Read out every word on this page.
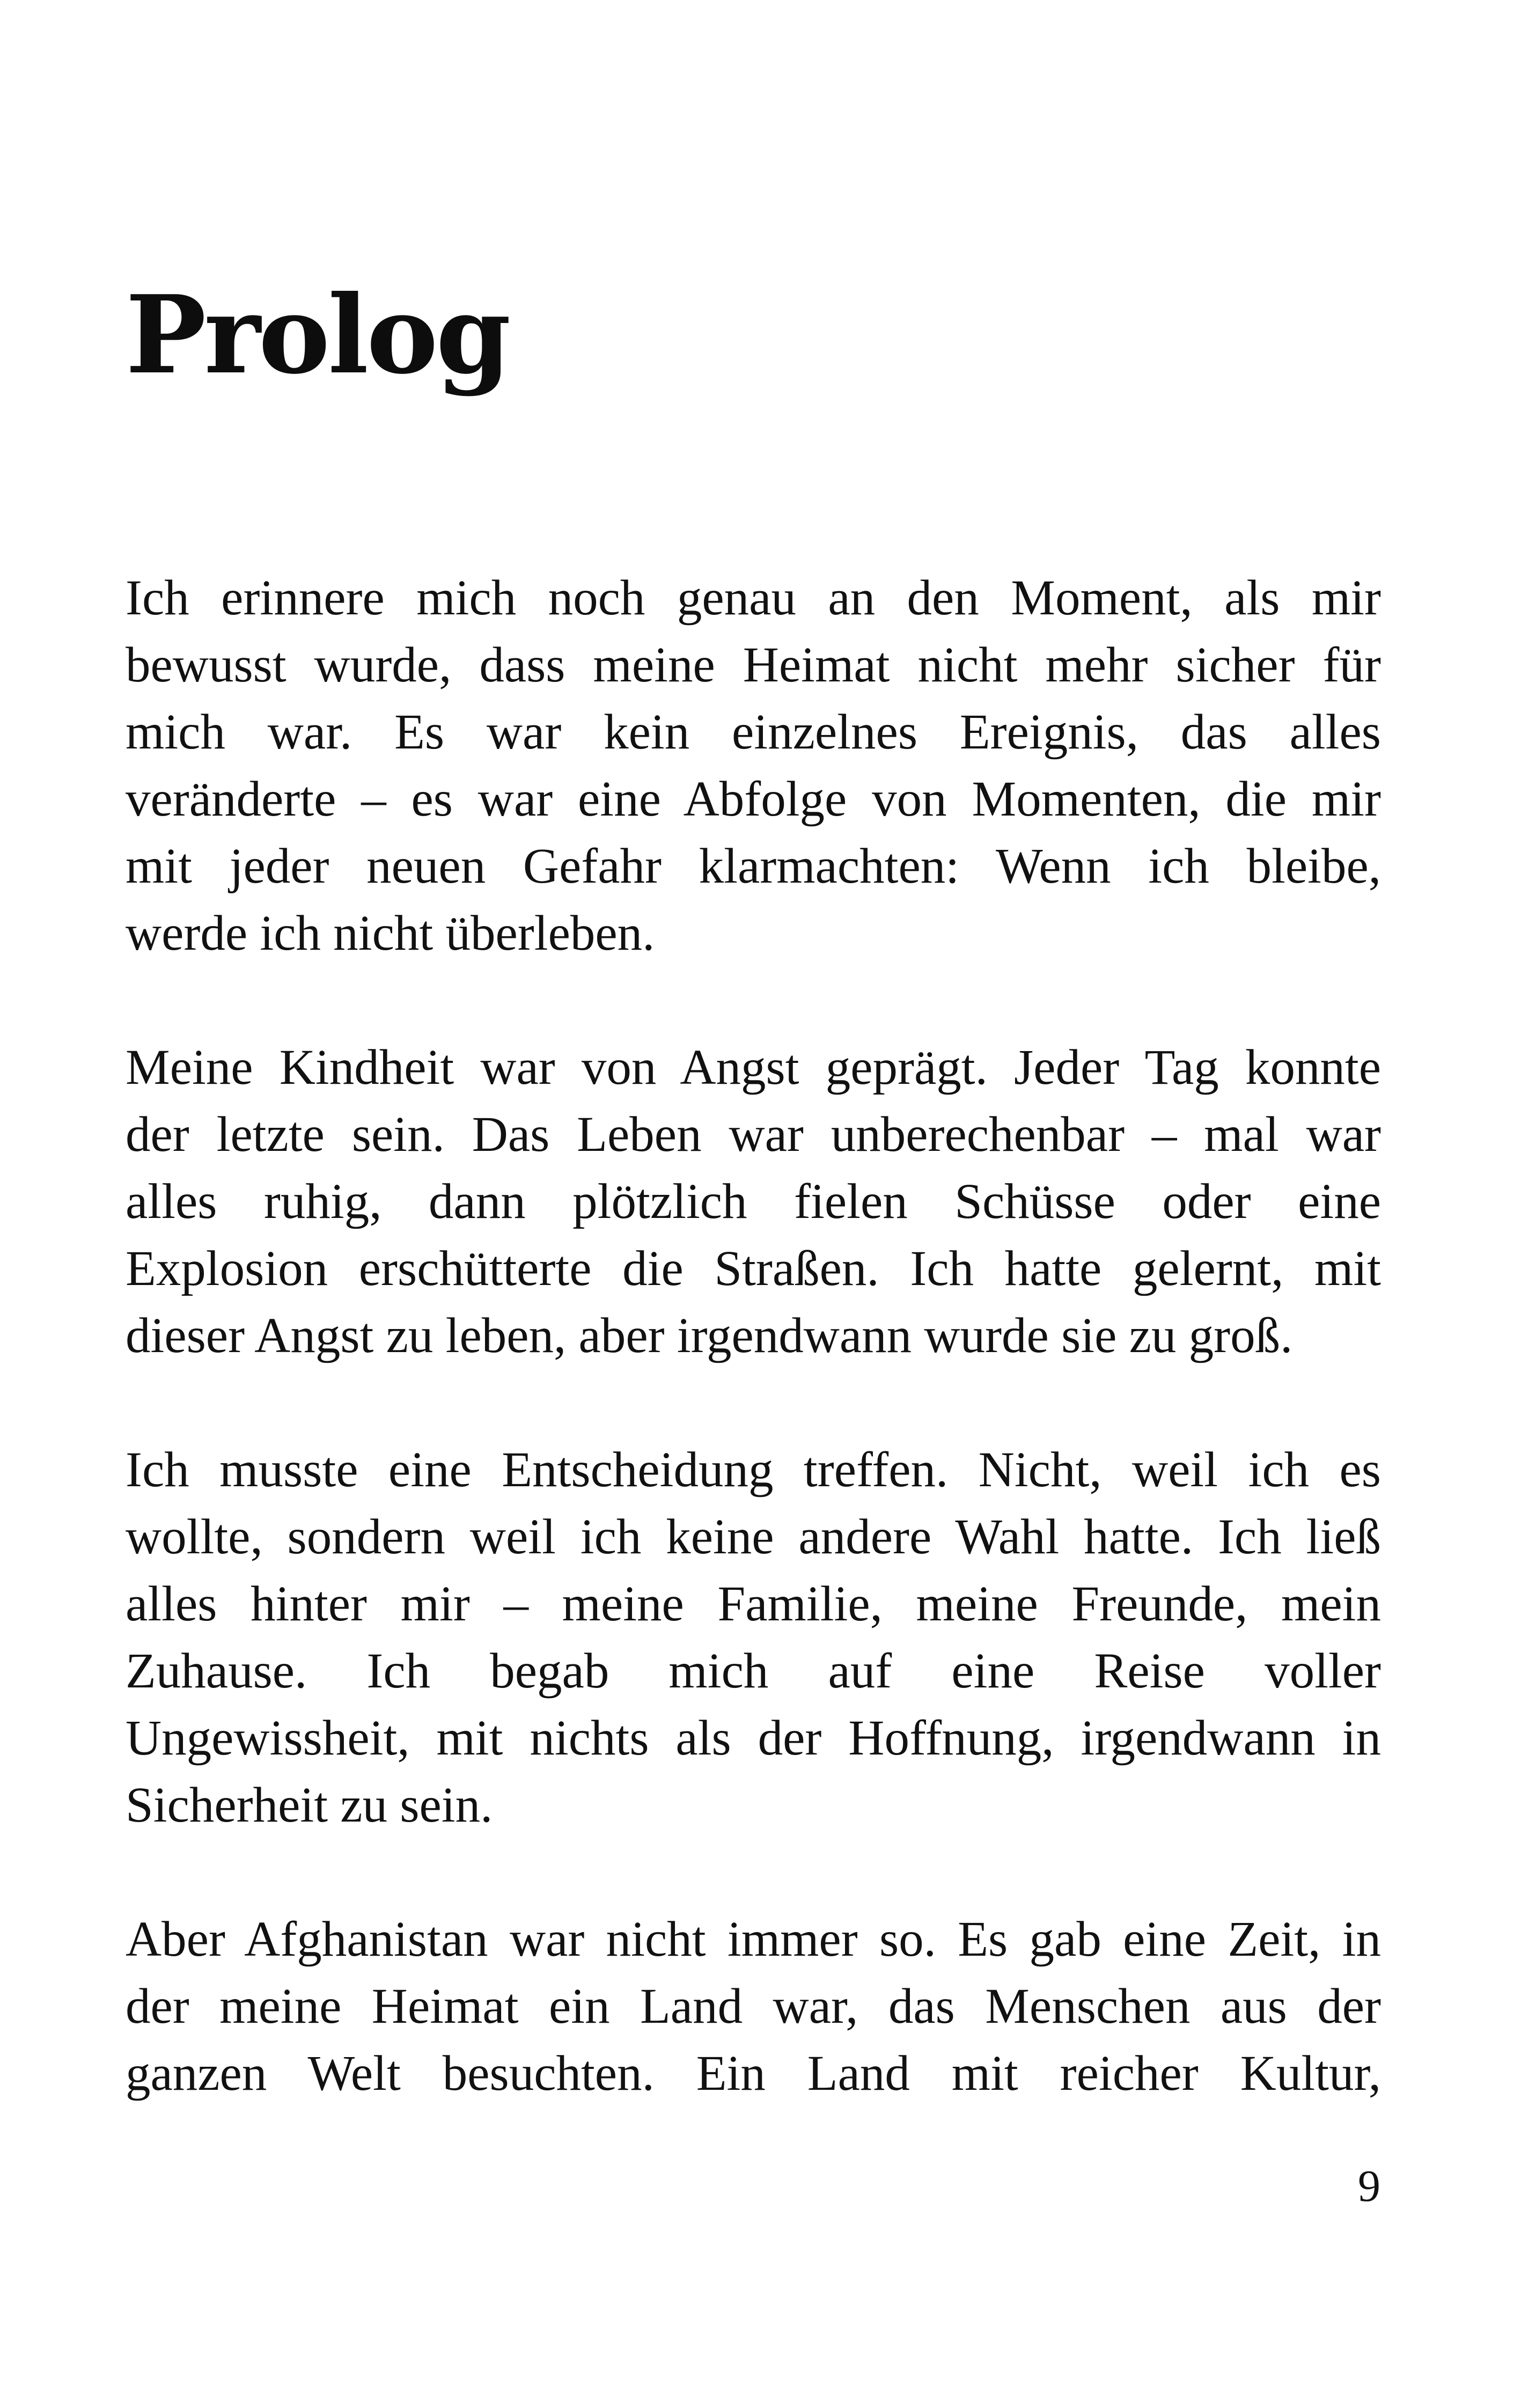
Prolog

Ich erinnere mich noch genau an den Moment, als mir
bewusst wurde, dass meine Heimat nicht mehr sicher für
mich war. Es war kein einzelnes Ereignis, das alles
veränderte – es war eine Abfolge von Momenten, die mir
mit jeder neuen Gefahr klarmachten: Wenn ich bleibe,
werde ich nicht überleben.

Meine Kindheit war von Angst geprägt. Jeder Tag konnte
der letzte sein. Das Leben war unberechenbar – mal war
alles ruhig, dann plötzlich fielen Schüsse oder eine
Explosion erschütterte die Straßen. Ich hatte gelernt, mit
dieser Angst zu leben, aber irgendwann wurde sie zu groß.

Ich musste eine Entscheidung treffen. Nicht, weil ich es
wollte, sondern weil ich keine andere Wahl hatte. Ich ließ
alles hinter mir – meine Familie, meine Freunde, mein
Zuhause. Ich begab mich auf eine Reise voller
Ungewissheit, mit nichts als der Hoffnung, irgendwann in
Sicherheit zu sein.

Aber Afghanistan war nicht immer so. Es gab eine Zeit, in
der meine Heimat ein Land war, das Menschen aus der
ganzen Welt besuchten. Ein Land mit reicher Kultur,

9
